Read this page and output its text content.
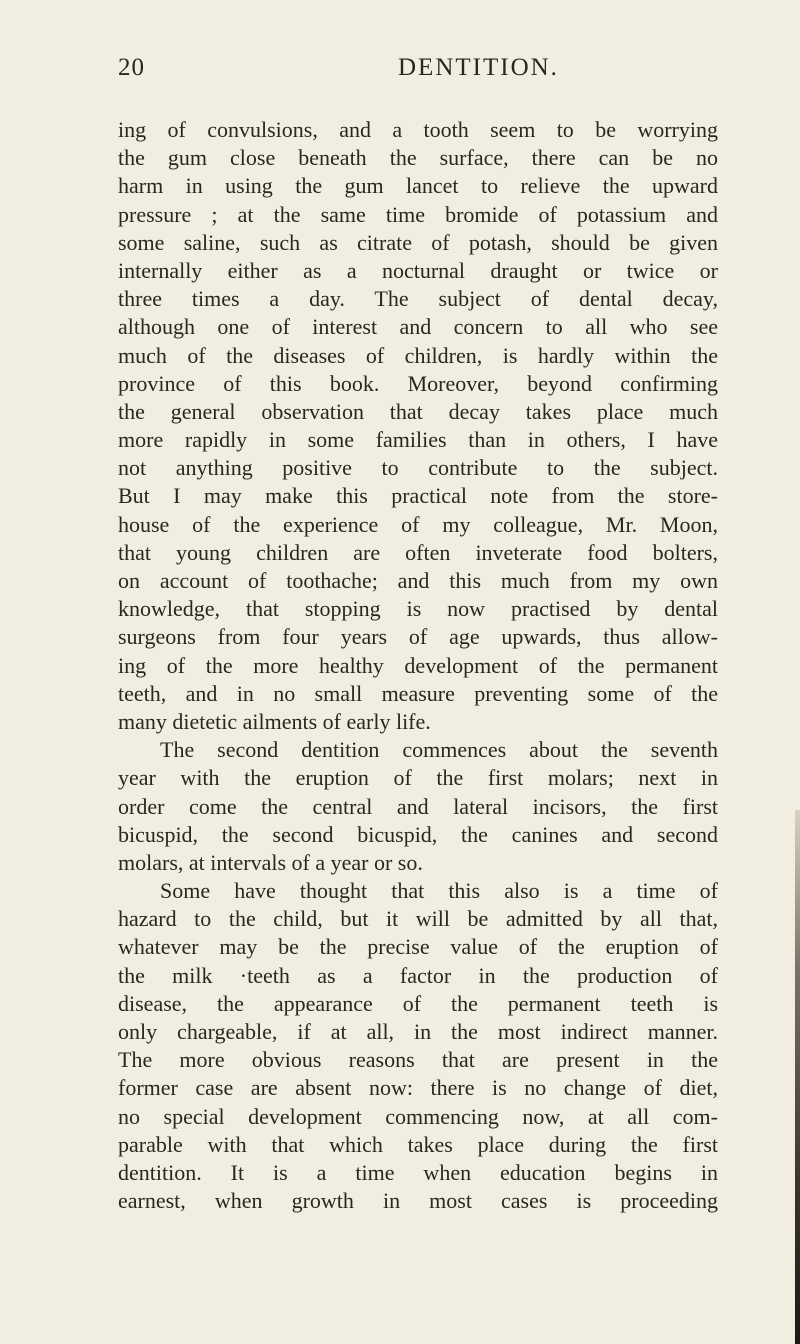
20	DENTITION.
ing of convulsions, and a tooth seem to be worrying
the gum close beneath the surface, there can be no
harm in using the gum lancet to relieve the upward
pressure ; at the same time bromide of potassium and
some saline, such as citrate of potash, should be given
internally either as a nocturnal draught or twice or
three times a day. The subject of dental decay,
although one of interest and concern to all who see
much of the diseases of children, is hardly within the
province of this book. Moreover, beyond confirming
the general observation that decay takes place much
more rapidly in some families than in others, I have
not anything positive to contribute to the subject.
But I may make this practical note from the store-
house of the experience of my colleague, Mr. Moon,
that young children are often inveterate food bolters,
on account of toothache; and this much from my own
knowledge, that stopping is now practised by dental
surgeons from four years of age upwards, thus allow-
ing of the more healthy development of the permanent
teeth, and in no small measure preventing some of the
many dietetic ailments of early life.
The second dentition commences about the seventh
year with the eruption of the first molars; next in
order come the central and lateral incisors, the first
bicuspid, the second bicuspid, the canines and second
molars, at intervals of a year or so.
Some have thought that this also is a time of
hazard to the child, but it will be admitted by all that,
whatever may be the precise value of the eruption of
the milk ·teeth as a factor in the production of
disease, the appearance of the permanent teeth is
only chargeable, if at all, in the most indirect manner.
The more obvious reasons that are present in the
former case are absent now: there is no change of diet,
no special development commencing now, at all com-
parable with that which takes place during the first
dentition. It is a time when education begins in
earnest, when growth in most cases is proceeding
